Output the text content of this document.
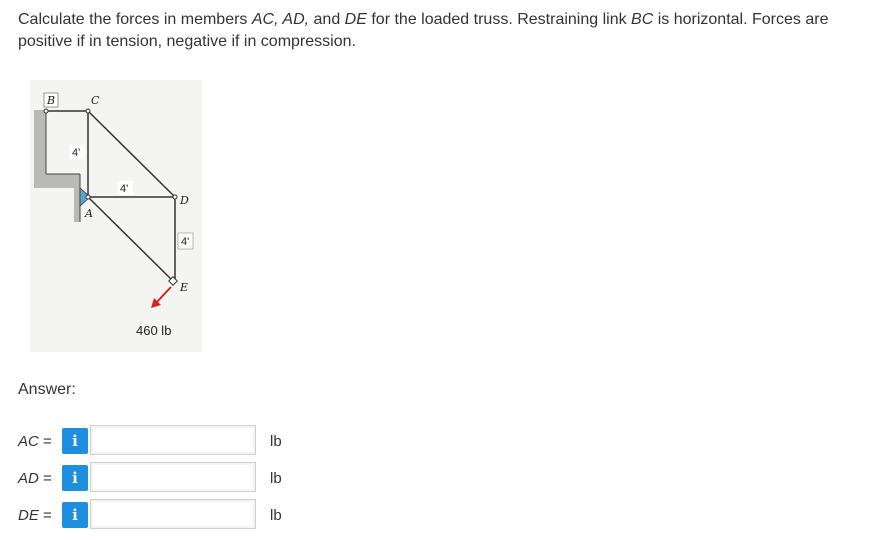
Calculate the forces in members AC, AD, and DE for the loaded truss. Restraining link BC is horizontal. Forces are positive if in tension, negative if in compression.
B	C
A
D
E
4'
4'
4'
460 lb
Answer:
AC =	i	lb
AD =	i	lb
DE =	i	lb
